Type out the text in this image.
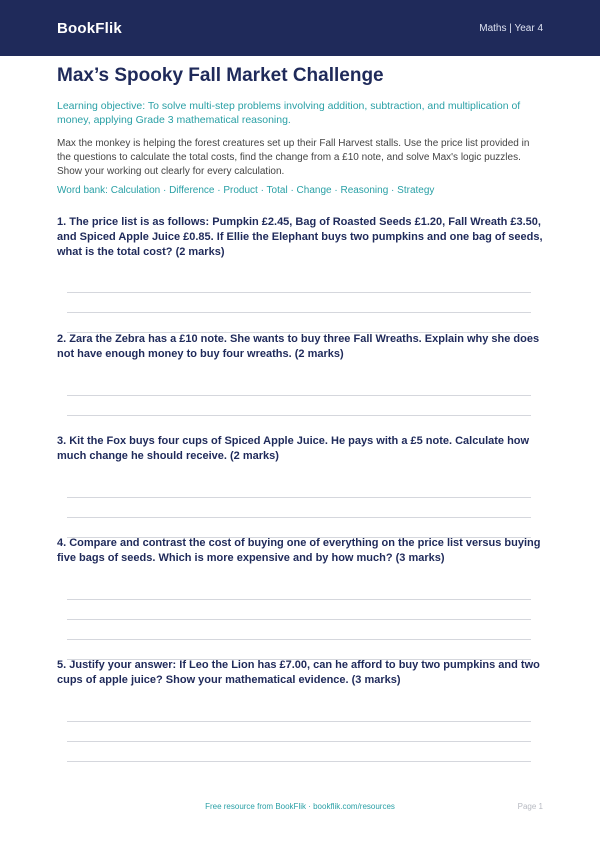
BookFlik	Maths | Year 4
Max’s Spooky Fall Market Challenge

Learning objective: To solve multi-step problems involving addition, subtraction, and multiplication of money, applying Grade 3 mathematical reasoning.

Max the monkey is helping the forest creatures set up their Fall Harvest stalls. Use the price list provided in the questions to calculate the total costs, find the change from a £10 note, and solve Max's logic puzzles. Show your working out clearly for every calculation.

Word bank: Calculation · Difference · Product · Total · Change · Reasoning · Strategy

1. The price list is as follows: Pumpkin £2.45, Bag of Roasted Seeds £1.20, Fall Wreath £3.50, and Spiced Apple Juice £0.85. If Ellie the Elephant buys two pumpkins and one bag of seeds, what is the total cost? (2 marks)

2. Zara the Zebra has a £10 note. She wants to buy three Fall Wreaths. Explain why she does not have enough money to buy four wreaths. (2 marks)

3. Kit the Fox buys four cups of Spiced Apple Juice. He pays with a £5 note. Calculate how much change he should receive. (2 marks)

4. Compare and contrast the cost of buying one of everything on the price list versus buying five bags of seeds. Which is more expensive and by how much? (3 marks)

5. Justify your answer: If Leo the Lion has £7.00, can he afford to buy two pumpkins and two cups of apple juice? Show your mathematical evidence. (3 marks)

Free resource from BookFlik · bookflik.com/resources	Page 1
